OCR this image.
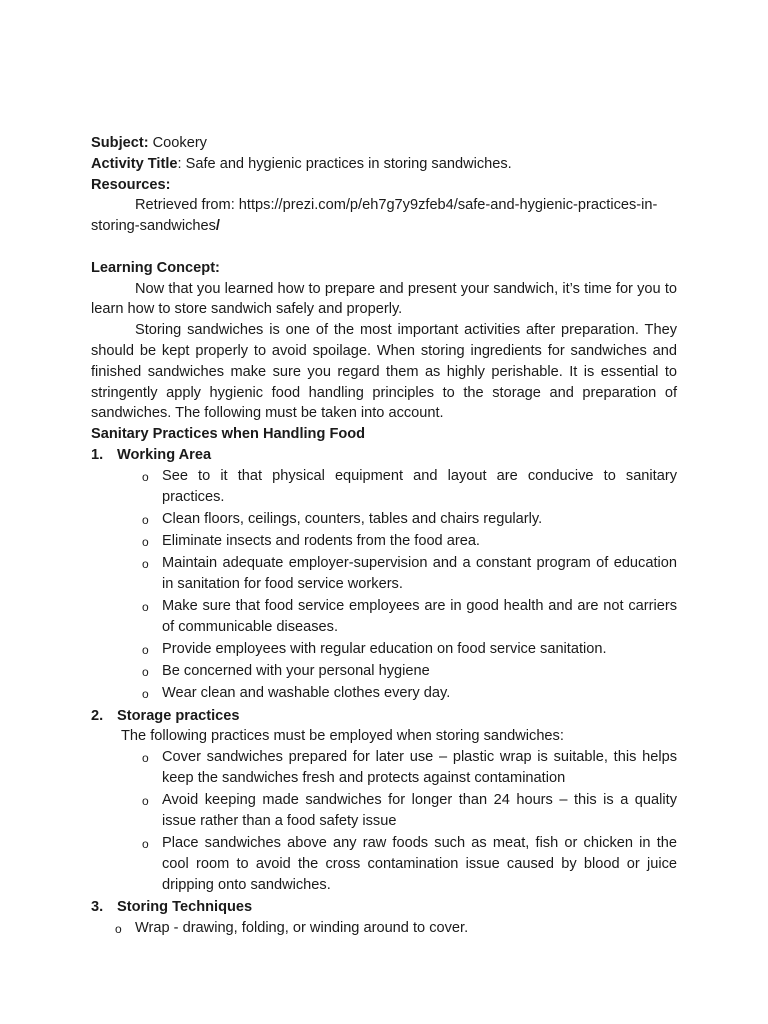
Subject: Cookery
Activity Title: Safe and hygienic practices in storing sandwiches.
Resources:
Retrieved from: https://prezi.com/p/eh7g7y9zfeb4/safe-and-hygienic-practices-in-storing-sandwiches/
Learning Concept:
Now that you learned how to prepare and present your sandwich, it’s time for you to learn how to store sandwich safely and properly.
Storing sandwiches is one of the most important activities after preparation. They should be kept properly to avoid spoilage. When storing ingredients for sandwiches and finished sandwiches make sure you regard them as highly perishable. It is essential to stringently apply hygienic food handling principles to the storage and preparation of sandwiches. The following must be taken into account.
Sanitary Practices when Handling Food
1. Working Area
o See to it that physical equipment and layout are conducive to sanitary practices.
o Clean floors, ceilings, counters, tables and chairs regularly.
o Eliminate insects and rodents from the food area.
o Maintain adequate employer-supervision and a constant program of education in sanitation for food service workers.
o Make sure that food service employees are in good health and are not carriers of communicable diseases.
o Provide employees with regular education on food service sanitation.
o Be concerned with your personal hygiene
o Wear clean and washable clothes every day.
2. Storage practices
The following practices must be employed when storing sandwiches:
o Cover sandwiches prepared for later use – plastic wrap is suitable, this helps keep the sandwiches fresh and protects against contamination
o Avoid keeping made sandwiches for longer than 24 hours – this is a quality issue rather than a food safety issue
o Place sandwiches above any raw foods such as meat, fish or chicken in the cool room to avoid the cross contamination issue caused by blood or juice dripping onto sandwiches.
3. Storing Techniques
o Wrap - drawing, folding, or winding around to cover.
